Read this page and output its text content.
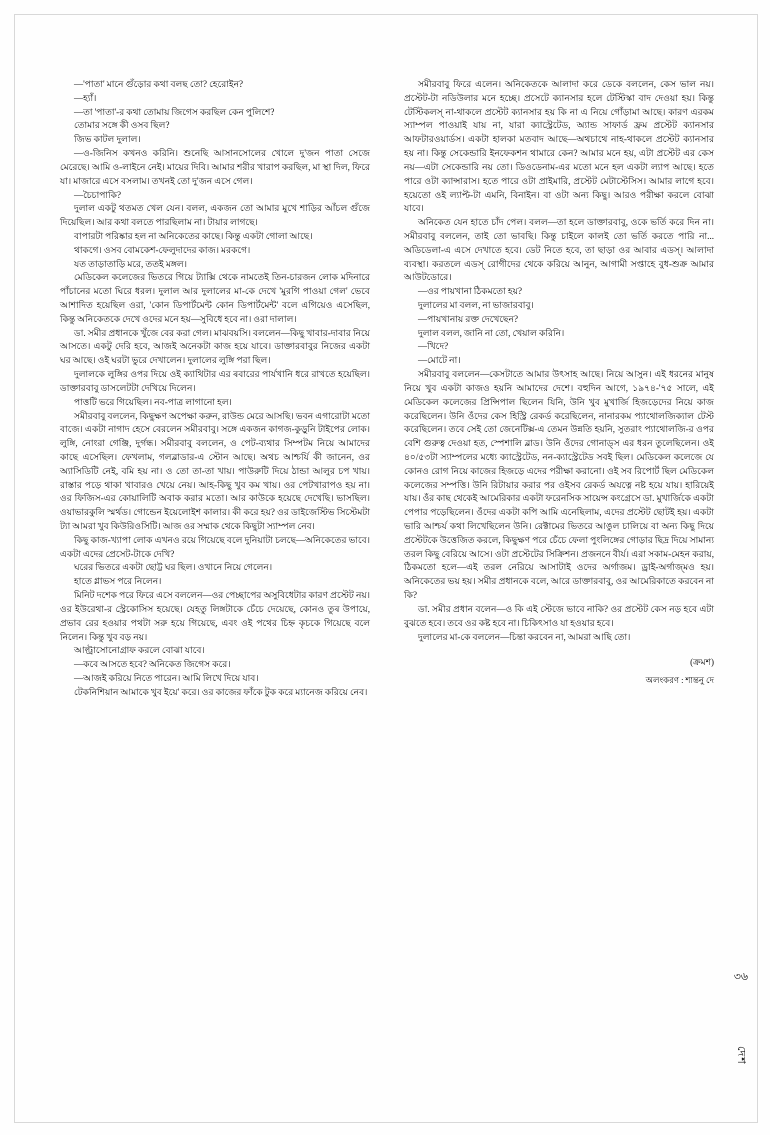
—'পাতা' মানে গুঁড়োর কথা বলছ তো? হেরোইন?

—হ্যাঁ।

—তা 'পাতা'-র কথা তোমায় জিগেস করছিল কেন পুলিশে?

তোমার সঙ্গে কী ওসব ছিল?

জিভ কাটল দুলাল।

—ও-জিনিস কখনও করিনি। শুনেছি আসানসোলের খোলে দু'জন পাতা সেজে মেরেছে। আমি ও-লাইনে নেই। মায়ের দিবি। আমার শরীর খারাপ করছিল, মা স্থা দিল, ফিরে যা। মাজারে এসে বসলাম। তখনই তো দু'জন এসে গেল।

—চৈচাপাকি?

দুলাল একটু থতমত খেল যেন। বলল, একজন তো আমার মুখে শাড়ির আঁচল গুঁজে দিয়েছিল। আর কথা বলতে পারছিলাম না। টায়ার লাগছে।

বাপারটা পরিষ্কার হল না অনিকেতের কাছে। কিন্তু একটা গোলা আছে।

থাকগে। ওসব বোমকেশ-ফেলুদাদের কাজ। মরকগে।

যত তাড়াতাড়ি মরে, ততই মঙ্গল।

মেডিকেল কলেজের ভিতরে গিয়ে ট্যাক্সি থেকে নামতেই তিন-চারজন লোক মদিনারে পাঁচানের মতো ঘিরে ধরল। দুলাল আর দুলালের মা-কে দেখে 'মুরগি পাওয়া গেল' ভেবে আশাদিত হয়েছিল ওরা, 'কোন ডিপার্টমেন্ট কোন ডিপার্টমেন্ট' বলে এগিয়েও এসেছিল, কিন্তু অনিকেতকে দেখে ওদের মনে হয়—সুবিধে হবে না। ওরা দালাল।

ডা. সমীর প্রধানকে খুঁজে বের করা গেল। মাঝবয়সি। বললেন—কিছু খাবার-দাবার নিয়ে আসতে। একটু দেরি হবে, আজই অনেকটা কাজ হয়ে যাবে। ডাক্তারবাবুর নিজের একটা ঘর আছে। ওই ঘরটা ভুরে দেখালেন। দুলালের লুঙ্গি পরা ছিল।

দুলালকে লুঙ্গির ওপর দিয়ে ওই ক্যাথিটার এর ৰবারের পার্যখানি ধরে রাখতে হয়েছিল। ডাক্তারবাবু ডাসলেটটা দেখিয়ে দিলেন।

পাত্তটি ভরে গিয়েছিল। নব-পাত্র লাগানো হল।

সমীরবাবু বললেন, কিছুক্ষণ অপেক্ষা করুন, রাউন্ড মেরে আসছি। ভবন এগারোটা মতো বাজে। একটা নাগাদ হেসে বেরলেন সমীরবাবু। সঙ্গে একজন কাগজ-কুড়ুনি টাইপের লোক। লুঙ্গি, নোংরা গেঞ্জি, দুর্গন্ধ। সমীরবাবু বললেন, ও পেট-ব্যথার সিম্পটম নিয়ে আমাদের কাছে এসেছিল। ফেখলাম, গলব্লাডার-এ স্টোন আছে। অথচ আশ্চর্যি কী জানেন, ওর অ্যাসিডিটি নেই, বমি হয় না। ও তো তা-তা খায়। পাউরুটি দিয়ে ঠান্ডা আলুর চপ খায়। রাস্তার পড়ে থাকা খাবারও খেয়ে নেয়। আহ-কিছু খুব কম খায়। ওর পেটখারাপও হয় না। ওর ফিজিস-এর কোয়ালিটি অবাক করার মতো। আর কাউকে হয়েছে দেখেছি। ভাসছিল। ওয়াভারকুলি স্মর্থড। গোন্ডেন ইয়েলোইশ কালার। কী করে হয়? ওর ডাইজেস্টিভ সিস্টেমটা ট্যা আমরা খুব কিউরিওসিটি। আজ ওর সম্মাক থেকে কিছুটা স্যাম্পল নেব।

কিছু কাজ-খ্যাপা লোক এখনও রয়ে গিয়েছে বলে দুনিয়াটা চলছে—অনিকেতের ভাবে। একটা এদের প্রেসেট-টাকে দেখি?

ঘরের ভিতরে একটা ছোট্ট ঘর ছিল। ওখানে নিয়ে গেলেন।

হাতে গ্লাভস পরে নিলেন।

মিনিট দশেক পরে ফিরে এসে বললেন—ওর পেচ্ছাপের অসুবিধেটার কারণ প্রস্টেট নয়। ওর ইউরেথা-র স্ট্রেকোসিস হয়েছে। যেহতু লিঙ্গটাকে চেঁচে দেয়েছে, কোনও তুৰ উপায়ে, প্রভাব রের হওয়ার পথটা সরু হয়ে গিয়েছে, এবং ওই পথের চিহ্ন কৃচকে গিয়েছে বলে নিলেন। কিন্তু খুব বড় নয়।

আল্ট্রাসোনোগ্রাফ করলে বোঝা যাবে।

—কবে আসতে হবে? অনিকেত জিগেস করে।

—আজই করিয়ে নিতে পারেন। আমি লিখে দিয়ে যাব।

টেকনিশিয়ান আমাকে খুব ইয়ে' করে। ওর কাজের ফাঁকে টুক করে ম্যানেজ করিয়ে নেব।

সমীরবাবু ফিরে এলেন। অনিকেতকে আলাদা করে ডেকে বললেন, কেস ভাল নয়। প্রস্টেট-টা নডিউলার মনে হচ্ছে। প্রসেটে ক্যানসার হলে টেস্টিস্কা বাদ দেওয়া হয়। কিন্তু টেস্টিকলস্ না-থাকলে প্রস্টেট ক্যানসার হয় কি না এ নিয়ে গোঁড়ামা আছে। কারণ এরকম স্যাম্পল পাওয়াই যায় না, যারা ক্যাস্ট্রেটেড, অ্যান্ড সাফার্ড ফ্রম প্রস্টেট ক্যানসার আফটারওয়ার্ডস। একটা হালকা মতবাদ আছে—অথচাথে নাহ-থাকলে প্রস্টেট ক্যানসার হয় না। কিন্তু সেকেন্ডারি ইনফেকশন থামারে কেন? আমার মনে হয়, এটা প্রস্টেট এর কেস নয়—এটা সেকেন্ডারি নয় তো। ডিওডেনাম-এর মতো মনে হল একটা ল্যাপ আছে। হতে পারে ওটা ক্যান্সারাস। হতে পারে ওটা প্রাইমারি, প্রস্টেট মেটাস্টেসিস। আমার লাগে হবে। হয়েতো ওই ল্যাপ্ট-টা এমনি, বিনাইন। বা ওটা অন্য কিছু। আরও পরীক্ষা করলে বোঝা যাবে।

অনিকেত যেন হাতে চাঁদ পেল। বলল—তা হলে ডাক্তারবাবু, ওকে ভর্তি করে দিন না। সমীরবাবু বললেন, তাই তো ভাবছি। কিন্তু চাইলে কালই তো ভর্তি করতে পারি না... অডিডেলা-এ এসে দেখাতে হবে। ডেট নিতে হবে, তা ছাড়া ওর আবার এডস্। আলাদা ব্যবস্থা। করতলে এডস্ রোগীদের থেকে করিয়ে আনুন, আগামী সপ্তাহে বুধ-শুক্র আমার আউটডোরে।

—ওর পায়খানা ঠিকমতো হয়?

দুলালের মা বলল, না ভাজারবাবু।

—পায়খানায় রক্ত দেখেছেন?

দুলাল বলল, জানি না তো, খেয়াল করিনি।

—খিদে?

—মোটে না।

সমীরবাবু বললেন—কেসটাতে আমার উৎসাহ আছে। নিয়ে আসুন। এই ধরনের মানুষ নিয়ে খুব একটা কাজও হয়নি আমাদের দেশে। বহুদিন আগে, ১৯৭৪-'৭৫ সালে, এই মেডিকেল কলেজের প্রিন্সিপাল ছিলেন যিনি, উনি খুব মুখার্জি হিজড়েদের নিয়ে কাজ করেছিলেন। উনি ওঁদের কেস হিস্ট্রি রেকর্ড করেছিলেন, নানারকম প্যাথোলজিক্যাল টেস্ট করেছিলেন। তবে সেই তো জেনেটিক্স-এ তেমন উন্নতি হয়নি, সুতরাং প্যাথোলজি-র ওপর বেশি গুরুত্ব দেওয়া হত, স্পেশালি ব্লাড। উনি ওঁদের গোনাড্স এর ধরন তুলেছিলেন। ওই ৪০/৫৩টা স্যাম্পলের মধ্যে ক্যাস্ট্রেটেড, নন-ক্যাস্ট্রেটেড সবই ছিল। মেডিকেল কলেজে যে কোনও রোগ নিয়ে কাজের হিজড়ে এদের পরীক্ষা করানো। ওই সব রিপোর্ট ছিল মেডিকেল কলেজের সম্পত্তি। উনি রিটায়ার করার পর ওইসব রেকর্ড অযত্নে নষ্ট হয়ে যায়। হারিয়েই যায়। ওঁর কাছ থেকেই আমেরিকার একটা ফরেনসিক সায়েন্স কংগ্রেসে ডা. মুখার্জিকে একটা পেপার পড়েছিলেন। ওঁদের একটা কপি আমি এনেছিলাম, এদের প্রস্টেট ছোটই হয়। একটা ভারি আশ্চর্য কথা লিখেছিলেন উনি। রেক্টামের ভিতরে আঙুল চালিয়ে বা অন্য কিছু দিয়ে প্রস্টেটকে উত্তেজিত করলে, কিছুক্ষণ পরে চেঁচে ফেলা পুংলিঙ্গের গোড়ার ছিদ্র দিয়ে সামান্য তরল কিছু বেরিয়ে আসে। ওটা প্রস্টেটের সিক্রিশন। প্রজননে বীর্য। এরা সকাম-মেহন করায়, ঠিকমতো হলে—এই তরল নেরিয়ে আসাটাই ওদের অর্গাজম। ড্রাই-অর্গাজ্মও হয়। অনিকেতের ভয় হয়। সমীর প্রধানকে বলে, আরে ডাক্তারবাবু, ওর আমেরিকাতে করবেন না কি?

ডা. সমীর প্রধান বলেন—ও কি এই স্টেজে ভাবে নাকি? ওর প্রস্টেট কেস নড় হবে এটা বুঝতে হবে। তবে ওর কষ্ট হবে না। চিকিৎসাও যা হওয়ার হবে।

দুলালের মা-কে বললেন—চিন্তা করবেন না, আমরা আছি তো।

(ক্রমশ)
অলংকরণ : শান্তনু দে
৩৬
দেশ
